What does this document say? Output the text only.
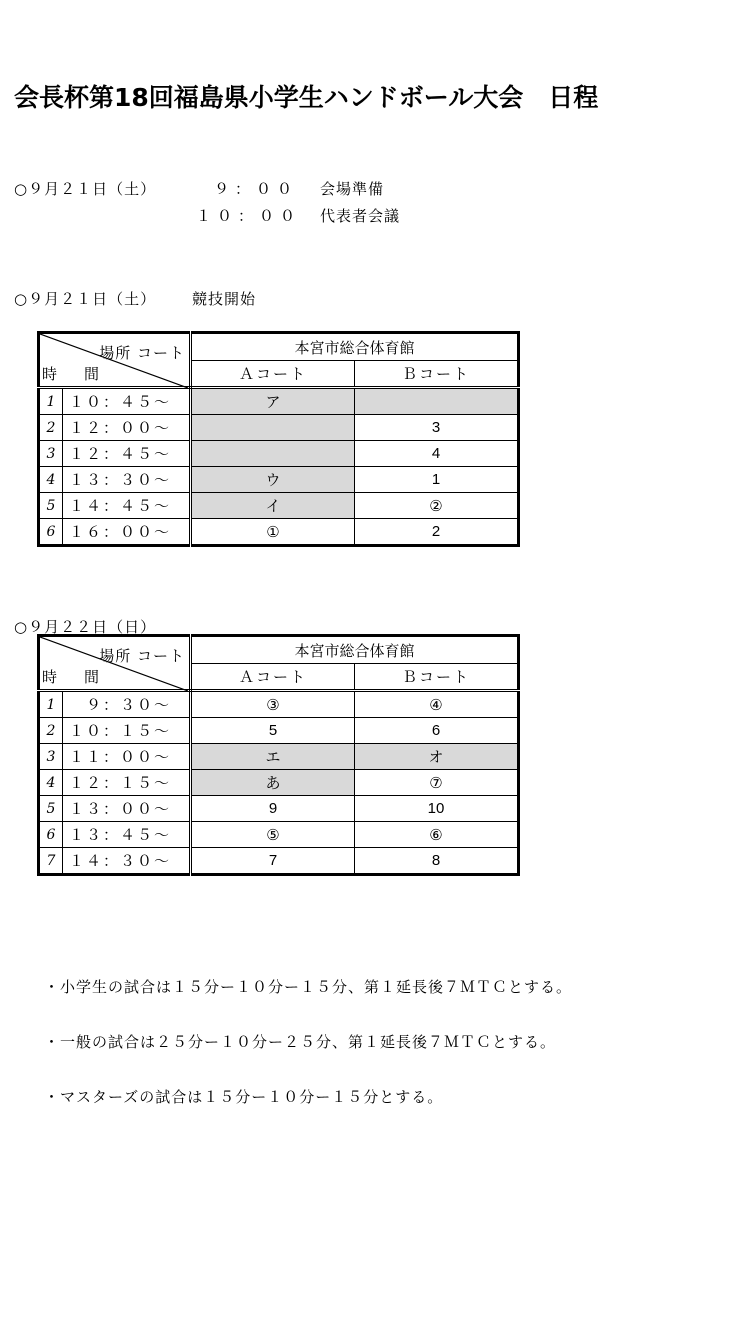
会長杯第18回福島県小学生ハンドボール大会　日程
○９月２１日（土）	９：００ 会場準備
１０：００ 代表者会議
○９月２１日（土） 競技開始
場所 コート
時　間		本宮市総合体育館	
		Ａコート	Ｂコート
1	１０：４５～	ア	
2	１２：００～		3
3	１２：４５～		4
4	１３：３０～	ウ	1
5	１４：４５～	イ	②
6	１６：００～	①	2
○９月２２日（日）
場所 コート
時　間		本宮市総合体育館	
		Ａコート	Ｂコート
1	　９：３０～	③	④
2	１０：１５～	5	6
3	１１：００～	エ	オ
4	１２：１５～	あ	⑦
5	１３：００～	9	10
6	１３：４５～	⑤	⑥
7	１４：３０～	7	8
・小学生の試合は１５分ー１０分ー１５分、第１延長後７ＭＴＣとする。
・一般の試合は２５分ー１０分ー２５分、第１延長後７ＭＴＣとする。
・マスターズの試合は１５分ー１０分ー１５分とする。
